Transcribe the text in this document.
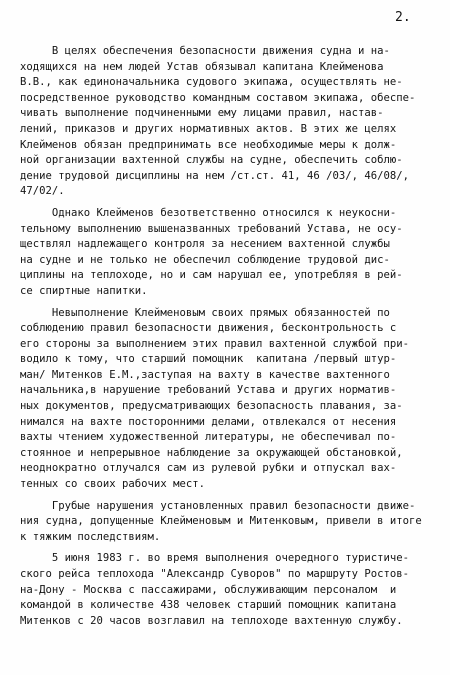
2.
В целях обеспечения безопасности движения судна и на-
ходящихся на нем людей Устав обязывал капитана Клейменова
В.В., как единоначальника судового экипажа, осуществлять не-
посредственное руководство командным составом экипажа, обеспе-
чивать выполнение подчиненными ему лицами правил, настав-
лений, приказов и других нормативных актов. В этих же целях
Клейменов обязан предпринимать все необходимые меры к долж-
ной организации вахтенной службы на судне, обеспечить соблю-
дение трудовой дисциплины на нем /ст.ст. 41, 46 /03/, 46/08/,
47/02/.
Однако Клейменов безответственно относился к неукосни-
тельному выполнению вышеназванных требований Устава, не осу-
ществлял надлежащего контроля за несением вахтенной службы
на судне и не только не обеспечил соблюдение трудовой дис-
циплины на теплоходе, но и сам нарушал ее, употребляя в рей-
се спиртные напитки.
Невыполнение Клейменовым своих прямых обязанностей по
соблюдению правил безопасности движения, бесконтрольность с
его стороны за выполнением этих правил вахтенной службой при-
водило к тому, что старший помощник  капитана /первый штур-
ман/ Митенков Е.М.,заступая на вахту в качестве вахтенного
начальника,в нарушение требований Устава и других норматив-
ных документов, предусматривающих безопасность плавания, за-
нимался на вахте посторонними делами, отвлекался от несения
вахты чтением художественной литературы, не обеспечивал по-
стоянное и непрерывное наблюдение за окружающей обстановкой,
неоднократно отлучался сам из рулевой рубки и отпускал вах-
тенных со своих рабочих мест.
Грубые нарушения установленных правил безопасности движе-
ния судна, допущенные Клейменовым и Митенковым, привели в итоге
к тяжким последствиям.
5 июня 1983 г. во время выполнения очередного туристиче-
ского рейса теплохода "Александр Суворов" по маршруту Ростов-
на-Дону - Москва с пассажирами, обслуживающим персоналом  и
командой в количестве 438 человек старший помощник капитана
Митенков с 20 часов возглавил на теплоходе вахтенную службу.
